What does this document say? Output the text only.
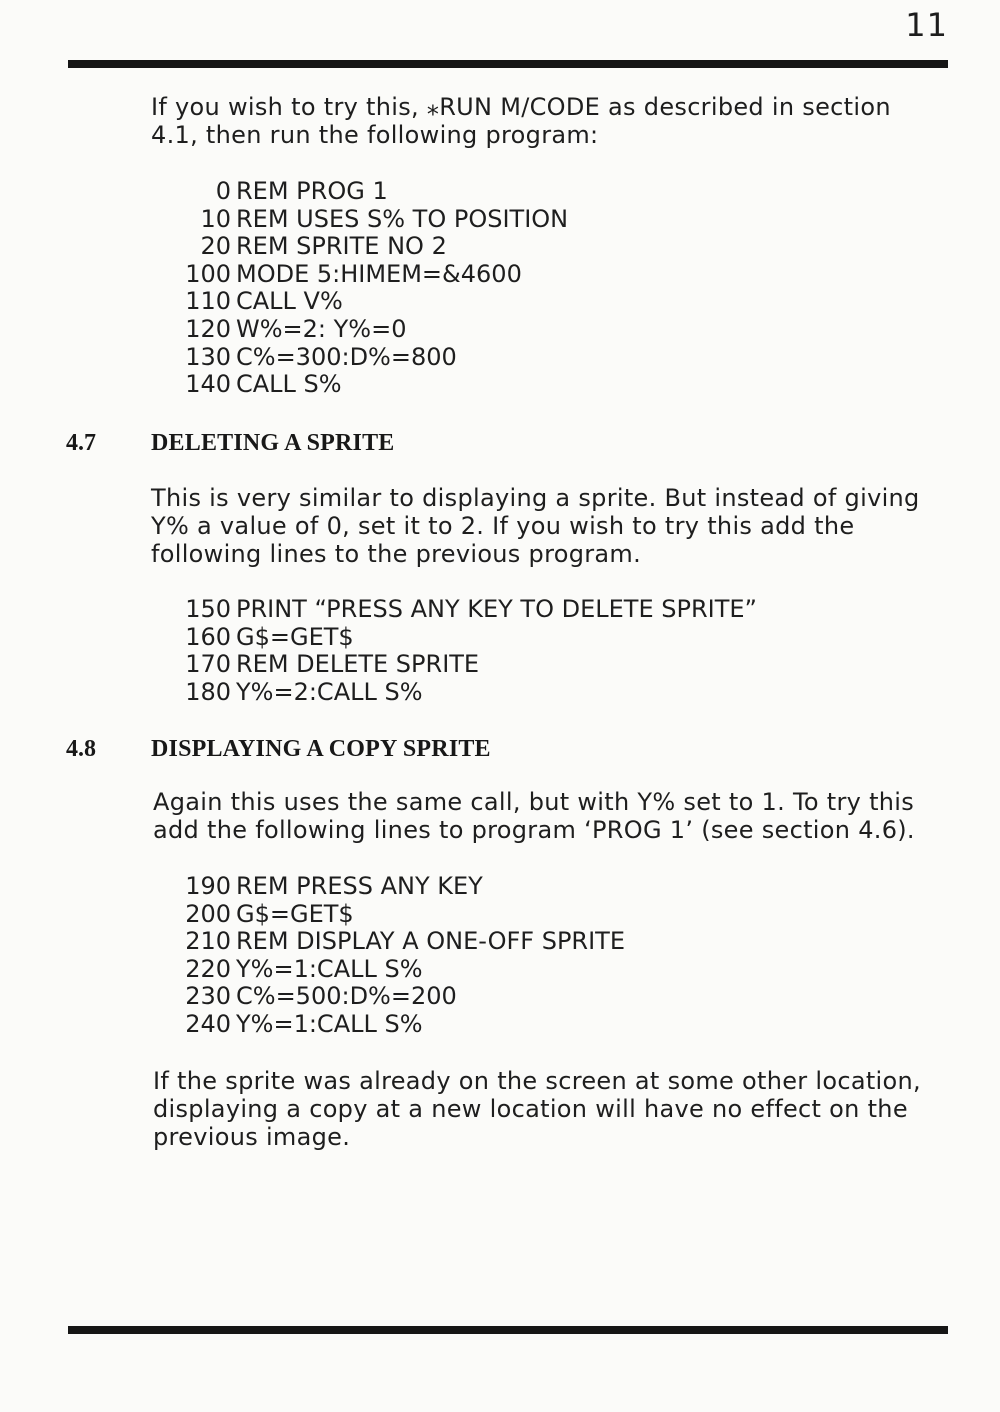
11
If you wish to try this, ⁎RUN M/CODE as described in section
4.1, then run the following program:
0 REM PROG 1
10 REM USES S% TO POSITION
20 REM SPRITE NO 2
100 MODE 5:HIMEM=&4600
110 CALL V%
120 W%=2: Y%=0
130 C%=300:D%=800
140 CALL S%
4.7	DELETING A SPRITE
This is very similar to displaying a sprite. But instead of giving
Y% a value of 0, set it to 2. If you wish to try this add the
following lines to the previous program.
150 PRINT “PRESS ANY KEY TO DELETE SPRITE”
160 G$=GET$
170 REM DELETE SPRITE
180 Y%=2:CALL S%
4.8	DISPLAYING A COPY SPRITE
Again this uses the same call, but with Y% set to 1. To try this
add the following lines to program ‘PROG 1’ (see section 4.6).
190 REM PRESS ANY KEY
200 G$=GET$
210 REM DISPLAY A ONE-OFF SPRITE
220 Y%=1:CALL S%
230 C%=500:D%=200
240 Y%=1:CALL S%
If the sprite was already on the screen at some other location,
displaying a copy at a new location will have no effect on the
previous image.
